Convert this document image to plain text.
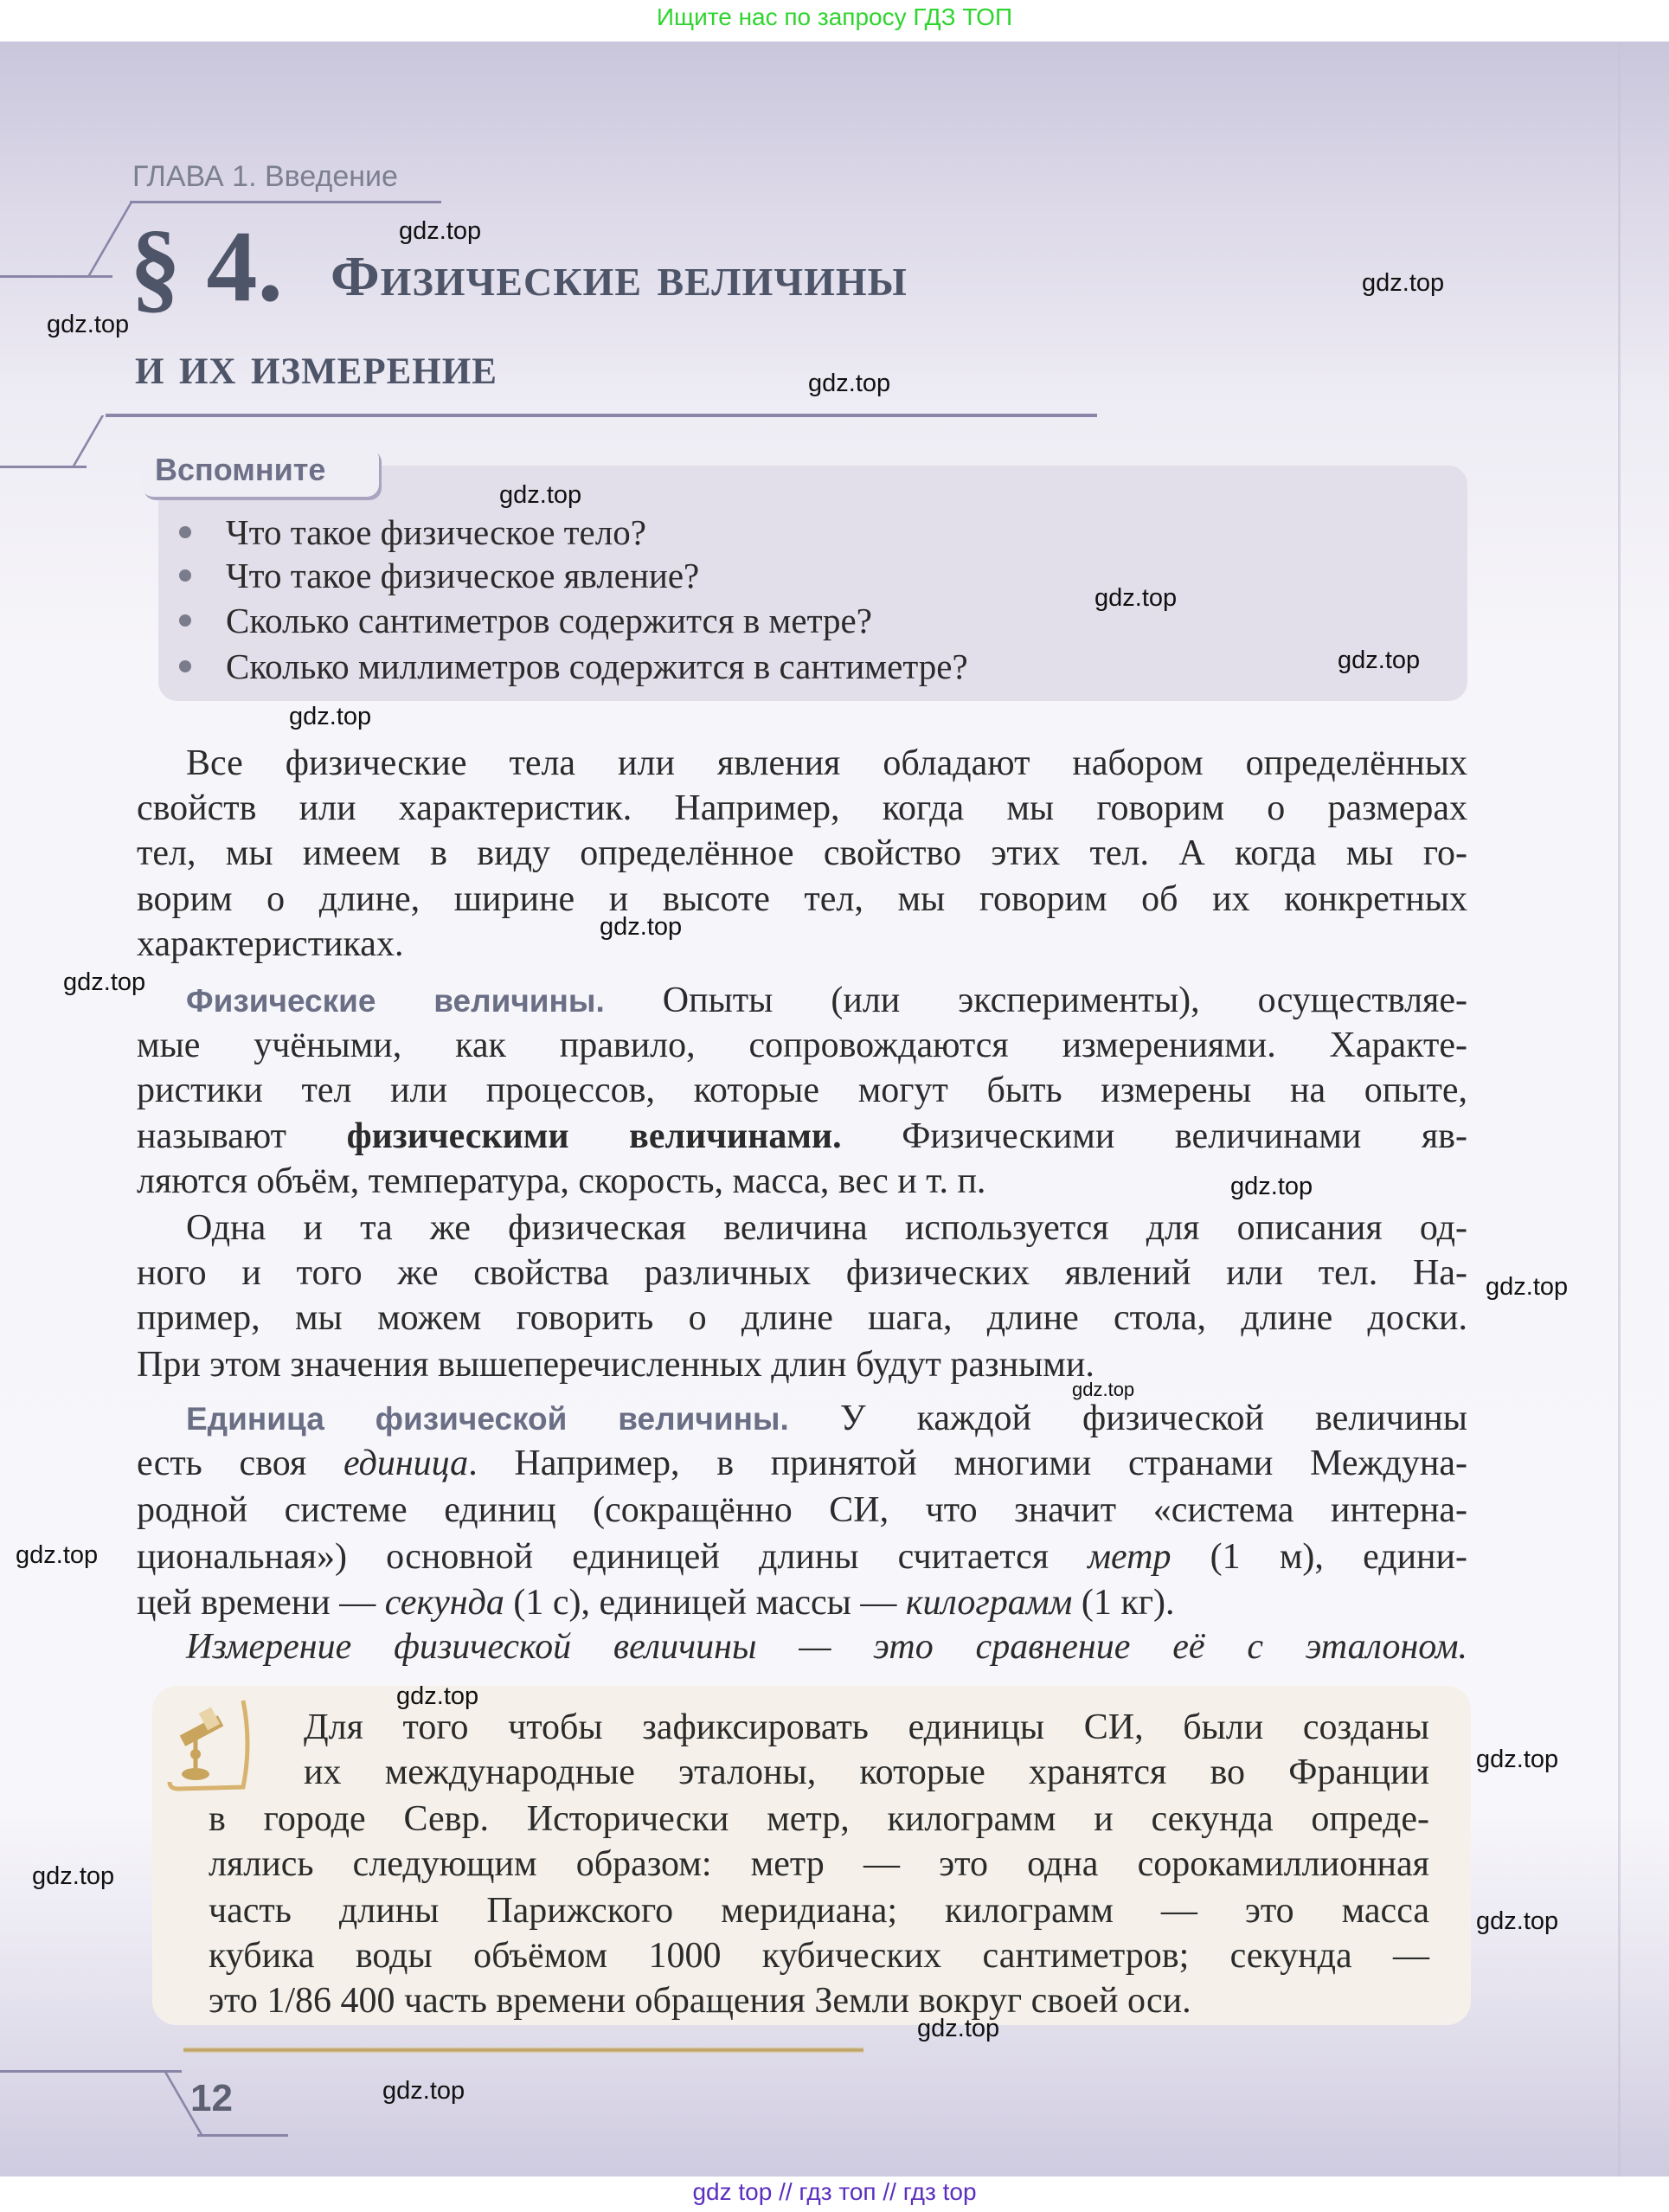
Ищите нас по запросу ГДЗ ТОП
ГЛАВА 1. Введение
§ 4. Физические величины
и их измерение
Вспомните
Что такое физическое тело?
Что такое физическое явление?
Сколько сантиметров содержится в метре?
Сколько миллиметров содержится в сантиметре?
Все физические тела или явления обладают набором определённых
свойств или характеристик. Например, когда мы говорим о размерах
тел, мы имеем в виду определённое свойство этих тел. А когда мы го-
ворим о длине, ширине и высоте тел, мы говорим об их конкретных
характеристиках.
Физические величины. Опыты (или эксперименты), осуществляе-
мые учёными, как правило, сопровождаются измерениями. Характе-
ристики тел или процессов, которые могут быть измерены на опыте,
называют физическими величинами. Физическими величинами яв-
ляются объём, температура, скорость, масса, вес и т. п.
Одна и та же физическая величина используется для описания од-
ного и того же свойства различных физических явлений или тел. На-
пример, мы можем говорить о длине шага, длине стола, длине доски.
При этом значения вышеперечисленных длин будут разными.
Единица физической величины. У каждой физической величины
есть своя единица. Например, в принятой многими странами Междуна-
родной системе единиц (сокращённо СИ, что значит «система интерна-
циональная») основной единицей длины считается метр (1 м), едини-
цей времени — секунда (1 с), единицей массы — килограмм (1 кг).
Измерение физической величины — это сравнение её с эталоном.
Для того чтобы зафиксировать единицы СИ, были созданы
их международные эталоны, которые хранятся во Франции
в городе Севр. Исторически метр, килограмм и секунда опреде-
лялись следующим образом: метр — это одна сорокамиллионная
часть длины Парижского меридиана; килограмм — это масса
кубика воды объёмом 1000 кубических сантиметров; секунда —
это 1/86 400 часть времени обращения Земли вокруг своей оси.
12
gdz.top
gdz.top
gdz.top
gdz.top
gdz.top
gdz.top
gdz.top
gdz.top
gdz.top
gdz.top
gdz.top
gdz.top
gdz.top
gdz.top
gdz.top
gdz.top
gdz.top
gdz.top
gdz.top
gdz.top
gdz top // гдз топ // гдз top
